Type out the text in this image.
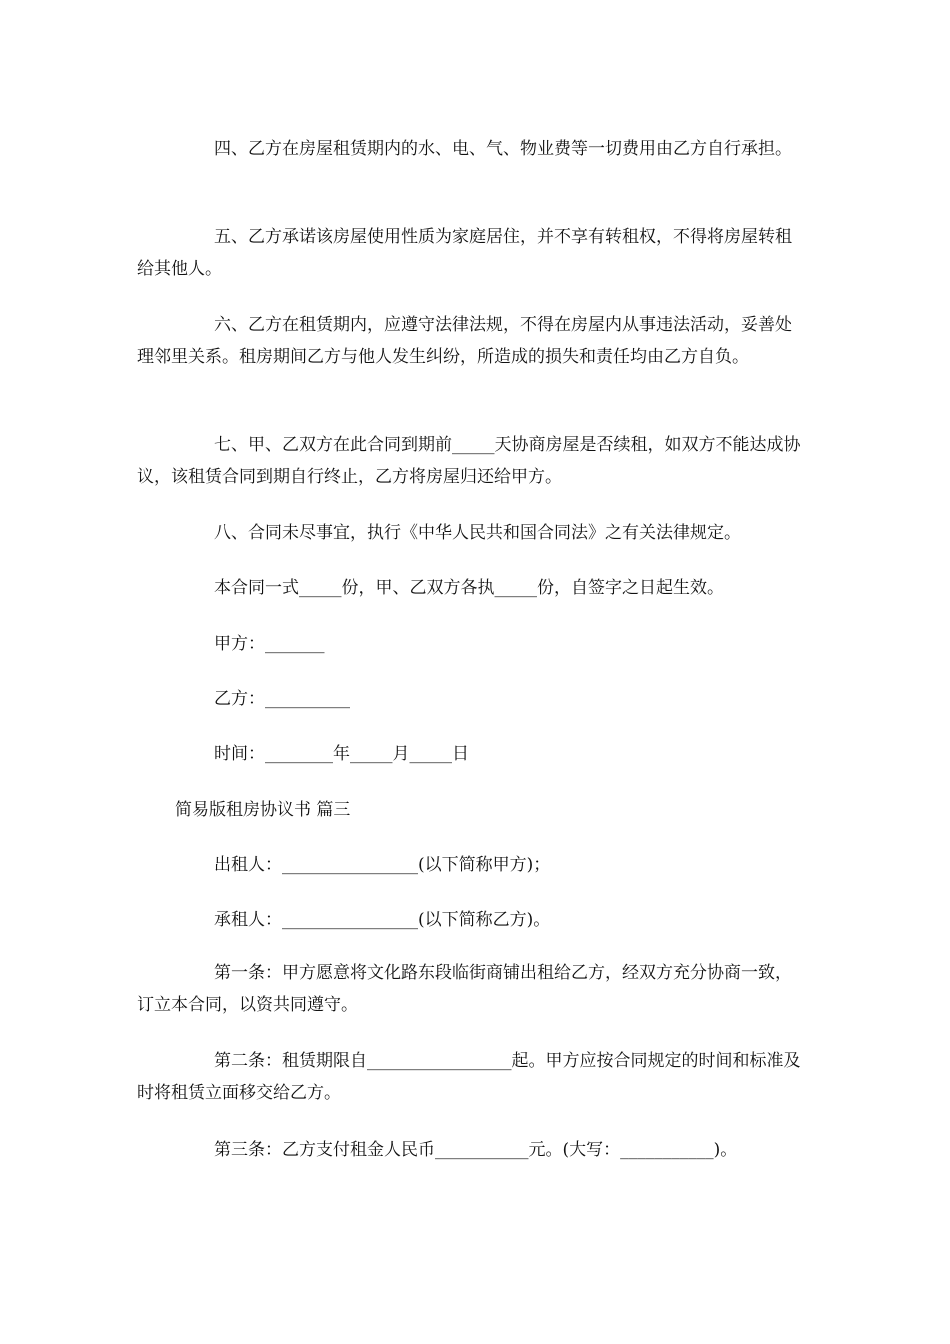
四、乙方在房屋租赁期内的水、电、气、物业费等一切费用由乙方自行承担。

五、乙方承诺该房屋使用性质为家庭居住，并不享有转租权，不得将房屋转租给其他人。

六、乙方在租赁期内，应遵守法律法规，不得在房屋内从事违法活动，妥善处理邻里关系。租房期间乙方与他人发生纠纷，所造成的损失和责任均由乙方自负。

七、甲、乙双方在此合同到期前_____天协商房屋是否续租，如双方不能达成协议，该租赁合同到期自行终止，乙方将房屋归还给甲方。

八、合同未尽事宜，执行《中华人民共和国合同法》之有关法律规定。

本合同一式_____份，甲、乙双方各执_____份，自签字之日起生效。

甲方：_______

乙方：__________

时间：________年_____月_____日

简易版租房协议书 篇三

出租人：________________(以下简称甲方)；

承租人：________________(以下简称乙方)。

第一条：甲方愿意将文化路东段临街商铺出租给乙方，经双方充分协商一致，订立本合同，以资共同遵守。

第二条：租赁期限自_________________起。甲方应按合同规定的时间和标准及时将租赁立面移交给乙方。

第三条：乙方支付租金人民币___________元。(大写：___________)。
